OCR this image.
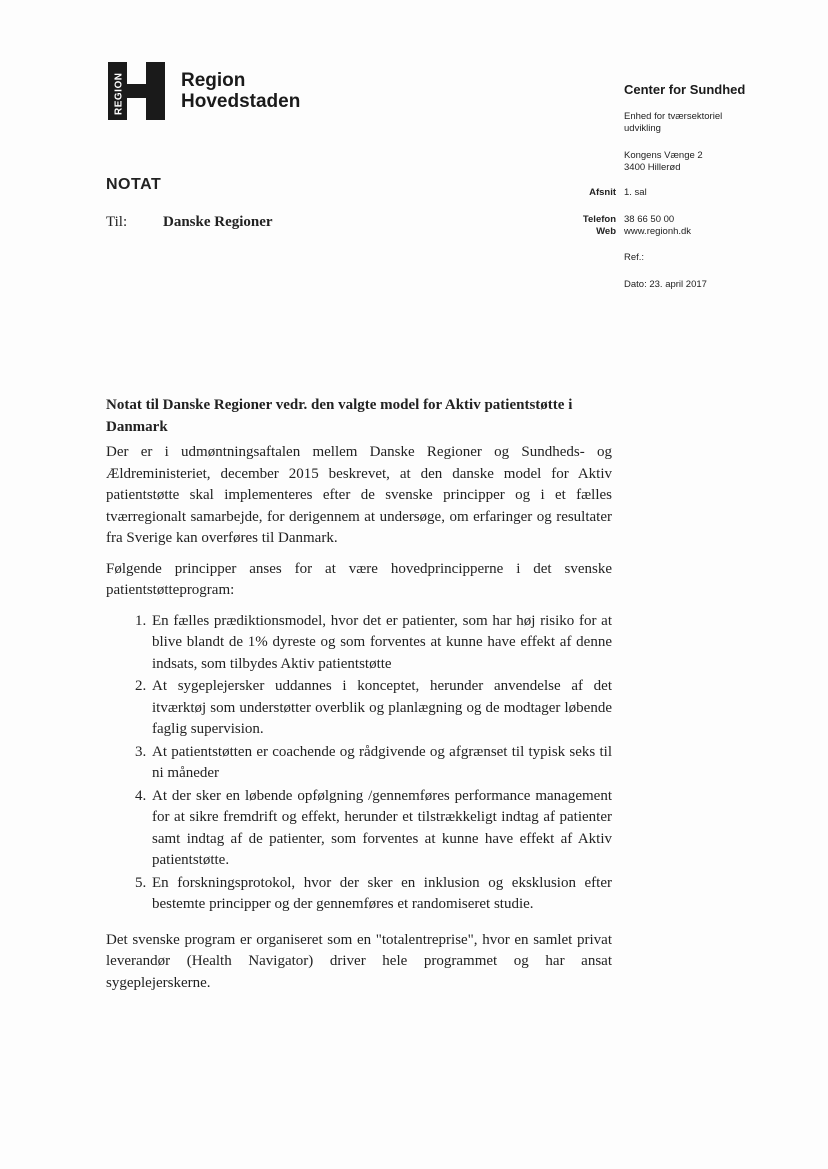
REGION	Region
Hovedstaden
Center for Sundhed
Enhed for tværsektoriel
udvikling
Kongens Vænge 2
3400 Hillerød
Afsnit 1. sal
Telefon 38 66 50 00
Web www.regionh.dk
Ref.:
Dato: 23. april 2017
NOTAT
Til: Danske Regioner
Notat til Danske Regioner vedr. den valgte model for Aktiv patientstøtte i Danmark

Der er i udmøntningsaftalen mellem Danske Regioner og Sundheds- og Ældreministeriet, december 2015 beskrevet, at den danske model for Aktiv patientstøtte skal implementeres efter de svenske principper og i et fælles tværregionalt samarbejde, for derigennem at undersøge, om erfaringer og resultater fra Sverige kan overføres til Danmark.

Følgende principper anses for at være hovedprincipperne i det svenske patientstøtteprogram:

1. En fælles prædiktionsmodel, hvor det er patienter, som har høj risiko for at blive blandt de 1% dyreste og som forventes at kunne have effekt af denne indsats, som tilbydes Aktiv patientstøtte
2. At sygeplejersker uddannes i konceptet, herunder anvendelse af det itværktøj som understøtter overblik og planlægning og de modtager løbende faglig supervision.
3. At patientstøtten er coachende og rådgivende og afgrænset til typisk seks til ni måneder
4. At der sker en løbende opfølgning /gennemføres performance management for at sikre fremdrift og effekt, herunder et tilstrækkeligt indtag af patienter samt indtag af de patienter, som forventes at kunne have effekt af Aktiv patientstøtte.
5. En forskningsprotokol, hvor der sker en inklusion og eksklusion efter bestemte principper og der gennemføres et randomiseret studie.

Det svenske program er organiseret som en "totalentreprise", hvor en samlet privat leverandør (Health Navigator) driver hele programmet og har ansat sygeplejerskerne.
